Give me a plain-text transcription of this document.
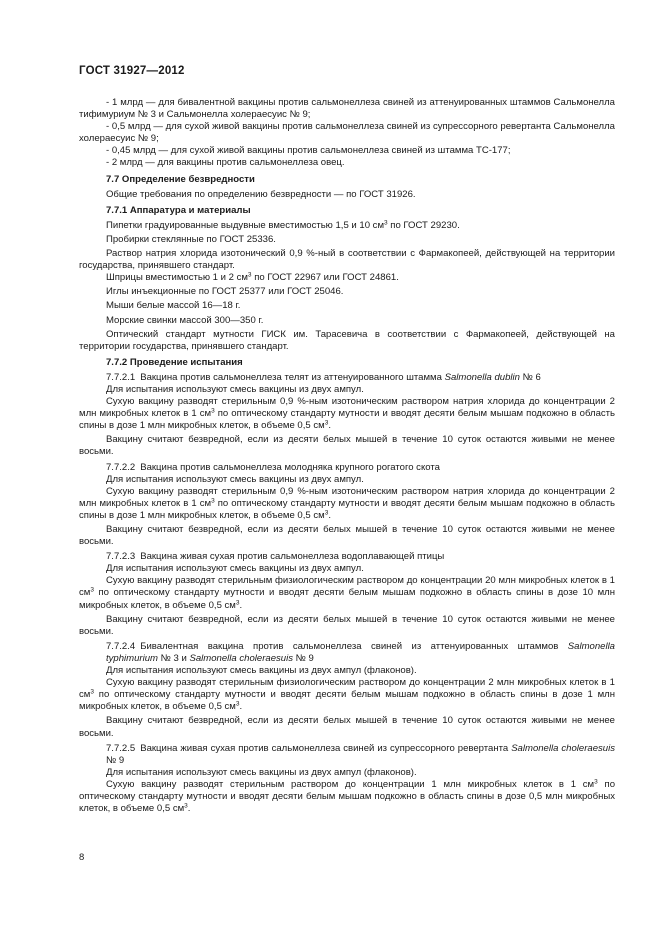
ГОСТ 31927—2012

- 1 млрд — для бивалентной вакцины против сальмонеллеза свиней из аттенуированных штаммов Сальмонелла тифимуриум № 3 и Сальмонелла холераесуис № 9;

- 0,5 млрд — для сухой живой вакцины против сальмонеллеза свиней из супрессорного ревертанта Сальмонелла холераесуис № 9;

- 0,45 млрд — для сухой живой вакцины против сальмонеллеза свиней из штамма ТС-177;

- 2 млрд — для вакцины против сальмонеллеза овец.

7.7 Определение безвредности

Общие требования по определению безвредности — по ГОСТ 31926.

7.7.1 Аппаратура и материалы

Пипетки градуированные выдувные вместимостью 1,5 и 10 $см^3$ по ГОСТ 29230.

Пробирки стеклянные по ГОСТ 25336.

Раствор натрия хлорида изотонический 0,9 %-ный в соответствии с Фармакопеей, действующей на территории государства, принявшего стандарт.

Шприцы вместимостью 1 и 2 $см^3$ по ГОСТ 22967 или ГОСТ 24861.

Иглы инъекционные по ГОСТ 25377 или ГОСТ 25046.

Мыши белые массой 16—18 г.

Морские свинки массой 300—350 г.

Оптический стандарт мутности ГИСК им. Тарасевича в соответствии с Фармакопеей, действующей на территории государства, принявшего стандарт.

7.7.2 Проведение испытания

7.7.2.1 Вакцина против сальмонеллеза телят из аттенуированного штамма Salmonella dublin № 6

Для испытания используют смесь вакцины из двух ампул.

Сухую вакцину разводят стерильным 0,9 %-ным изотоническим раствором натрия хлорида до концентрации 2 млн микробных клеток в 1 $см^3$ по оптическому стандарту мутности и вводят десяти белым мышам подкожно в область спины в дозе 1 млн микробных клеток, в объеме 0,5 $см^3$.

Вакцину считают безвредной, если из десяти белых мышей в течение 10 суток остаются живыми не менее восьми.

7.7.2.2 Вакцина против сальмонеллеза молодняка крупного рогатого скота

Для испытания используют смесь вакцины из двух ампул.

Сухую вакцину разводят стерильным 0,9 %-ным изотоническим раствором натрия хлорида до концентрации 2 млн микробных клеток в 1 $см^3$ по оптическому стандарту мутности и вводят десяти белым мышам подкожно в область спины в дозе 1 млн микробных клеток, в объеме 0,5 $см^3$.

Вакцину считают безвредной, если из десяти белых мышей в течение 10 суток остаются живыми не менее восьми.

7.7.2.3 Вакцина живая сухая против сальмонеллеза водоплавающей птицы

Для испытания используют смесь вакцины из двух ампул.

Сухую вакцину разводят стерильным физиологическим раствором до концентрации 20 млн микробных клеток в 1 $см^3$ по оптическому стандарту мутности и вводят десяти белым мышам подкожно в область спины в дозе 10 млн микробных клеток, в объеме 0,5 $см^3$.

Вакцину считают безвредной, если из десяти белых мышей в течение 10 суток остаются живыми не менее восьми.

7.7.2.4 Бивалентная вакцина против сальмонеллеза свиней из аттенуированных штаммов Salmonella typhimurium № 3 и Salmonella choleraesuis № 9

Для испытания используют смесь вакцины из двух ампул (флаконов).

Сухую вакцину разводят стерильным физиологическим раствором до концентрации 2 млн микробных клеток в 1 $см^3$ по оптическому стандарту мутности и вводят десяти белым мышам подкожно в область спины в дозе 1 млн микробных клеток, в объеме 0,5 $см^3$.

Вакцину считают безвредной, если из десяти белых мышей в течение 10 суток остаются живыми не менее восьми.

7.7.2.5 Вакцина живая сухая против сальмонеллеза свиней из супрессорного ревертанта Salmonella choleraesuis № 9

Для испытания используют смесь вакцины из двух ампул (флаконов).

Сухую вакцину разводят стерильным раствором до концентрации 1 млн микробных клеток в 1 $см^3$ по оптическому стандарту мутности и вводят десяти белым мышам подкожно в область спины в дозе 0,5 млн микробных клеток, в объеме 0,5 $см^3$.

8
